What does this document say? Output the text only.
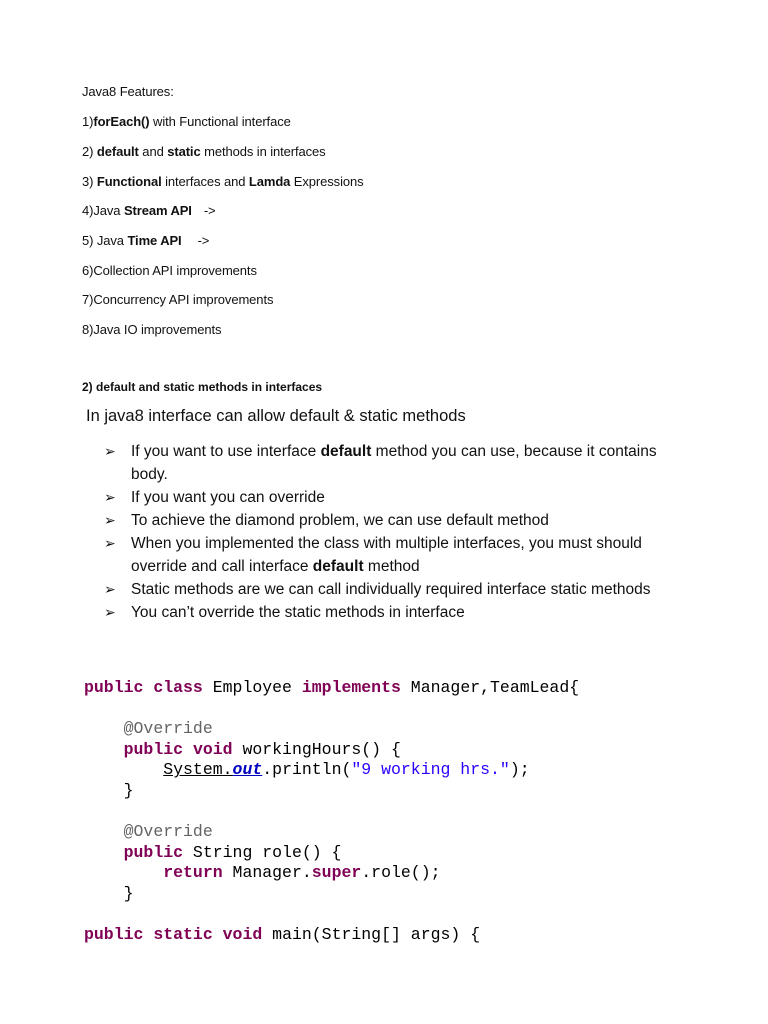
Java8 Features:
1)forEach() with Functional interface
2) default and static methods in interfaces
3) Functional interfaces and Lamda Expressions
4)Java Stream API ->
5) Java Time API ->
6)Collection API improvements
7)Concurrency API improvements
8)Java IO improvements
2) default and static methods in interfaces
In java8 interface can allow default & static methods
➢ If you want to use interface default method you can use, because it contains body.
➢ If you want you can override
➢ To achieve the diamond problem, we can use default method
➢ When you implemented the class with multiple interfaces, you must should override and call interface default method
➢ Static methods are we can call individually required interface static methods
➢ You can’t override the static methods in interface
public class Employee implements Manager,TeamLead{

@Override
public void workingHours() {
System.out.println("9 working hrs.");
}

@Override
public String role() {
return Manager.super.role();
}

public static void main(String[] args) {
